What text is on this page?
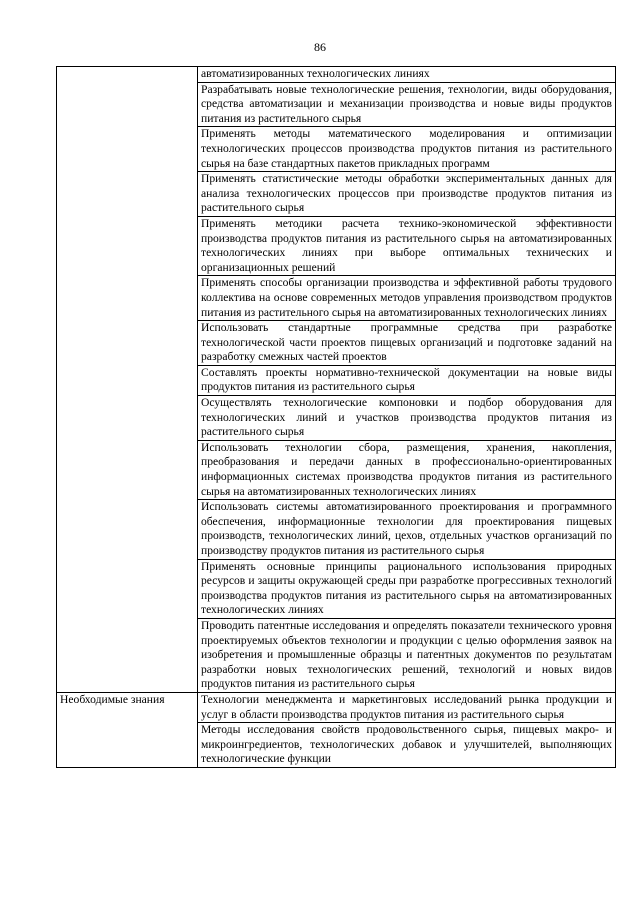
86
	автоматизированных технологических линиях
	Разрабатывать новые технологические решения, технологии, виды оборудования, средства автоматизации и механизации производства и новые виды продуктов питания из растительного сырья
	Применять методы математического моделирования и оптимизации технологических процессов производства продуктов питания из растительного сырья на базе стандартных пакетов прикладных программ
	Применять статистические методы обработки экспериментальных данных для анализа технологических процессов при производстве продуктов питания из растительного сырья
	Применять методики расчета технико-экономической эффективности производства продуктов питания из растительного сырья на автоматизированных технологических линиях при выборе оптимальных технических и организационных решений
	Применять способы организации производства и эффективной работы трудового коллектива на основе современных методов управления производством продуктов питания из растительного сырья на автоматизированных технологических линиях
	Использовать стандартные программные средства при разработке технологической части проектов пищевых организаций и подготовке заданий на разработку смежных частей проектов
	Составлять проекты нормативно-технической документации на новые виды продуктов питания из растительного сырья
	Осуществлять технологические компоновки и подбор оборудования для технологических линий и участков производства продуктов питания из растительного сырья
	Использовать технологии сбора, размещения, хранения, накопления, преобразования и передачи данных в профессионально-ориентированных информационных системах производства продуктов питания из растительного сырья на автоматизированных технологических линиях
	Использовать системы автоматизированного проектирования и программного обеспечения, информационные технологии для проектирования пищевых производств, технологических линий, цехов, отдельных участков организаций по производству продуктов питания из растительного сырья
	Применять основные принципы рационального использования природных ресурсов и защиты окружающей среды при разработке прогрессивных технологий производства продуктов питания из растительного сырья на автоматизированных технологических линиях
	Проводить патентные исследования и определять показатели технического уровня проектируемых объектов технологии и продукции с целью оформления заявок на изобретения и промышленные образцы и патентных документов по результатам разработки новых технологических решений, технологий и новых видов продуктов питания из растительного сырья
Необходимые знания	Технологии менеджмента и маркетинговых исследований рынка продукции и услуг в области производства продуктов питания из растительного сырья
	Методы исследования свойств продовольственного сырья, пищевых макро- и микроингредиентов, технологических добавок и улучшителей, выполняющих технологические функции
